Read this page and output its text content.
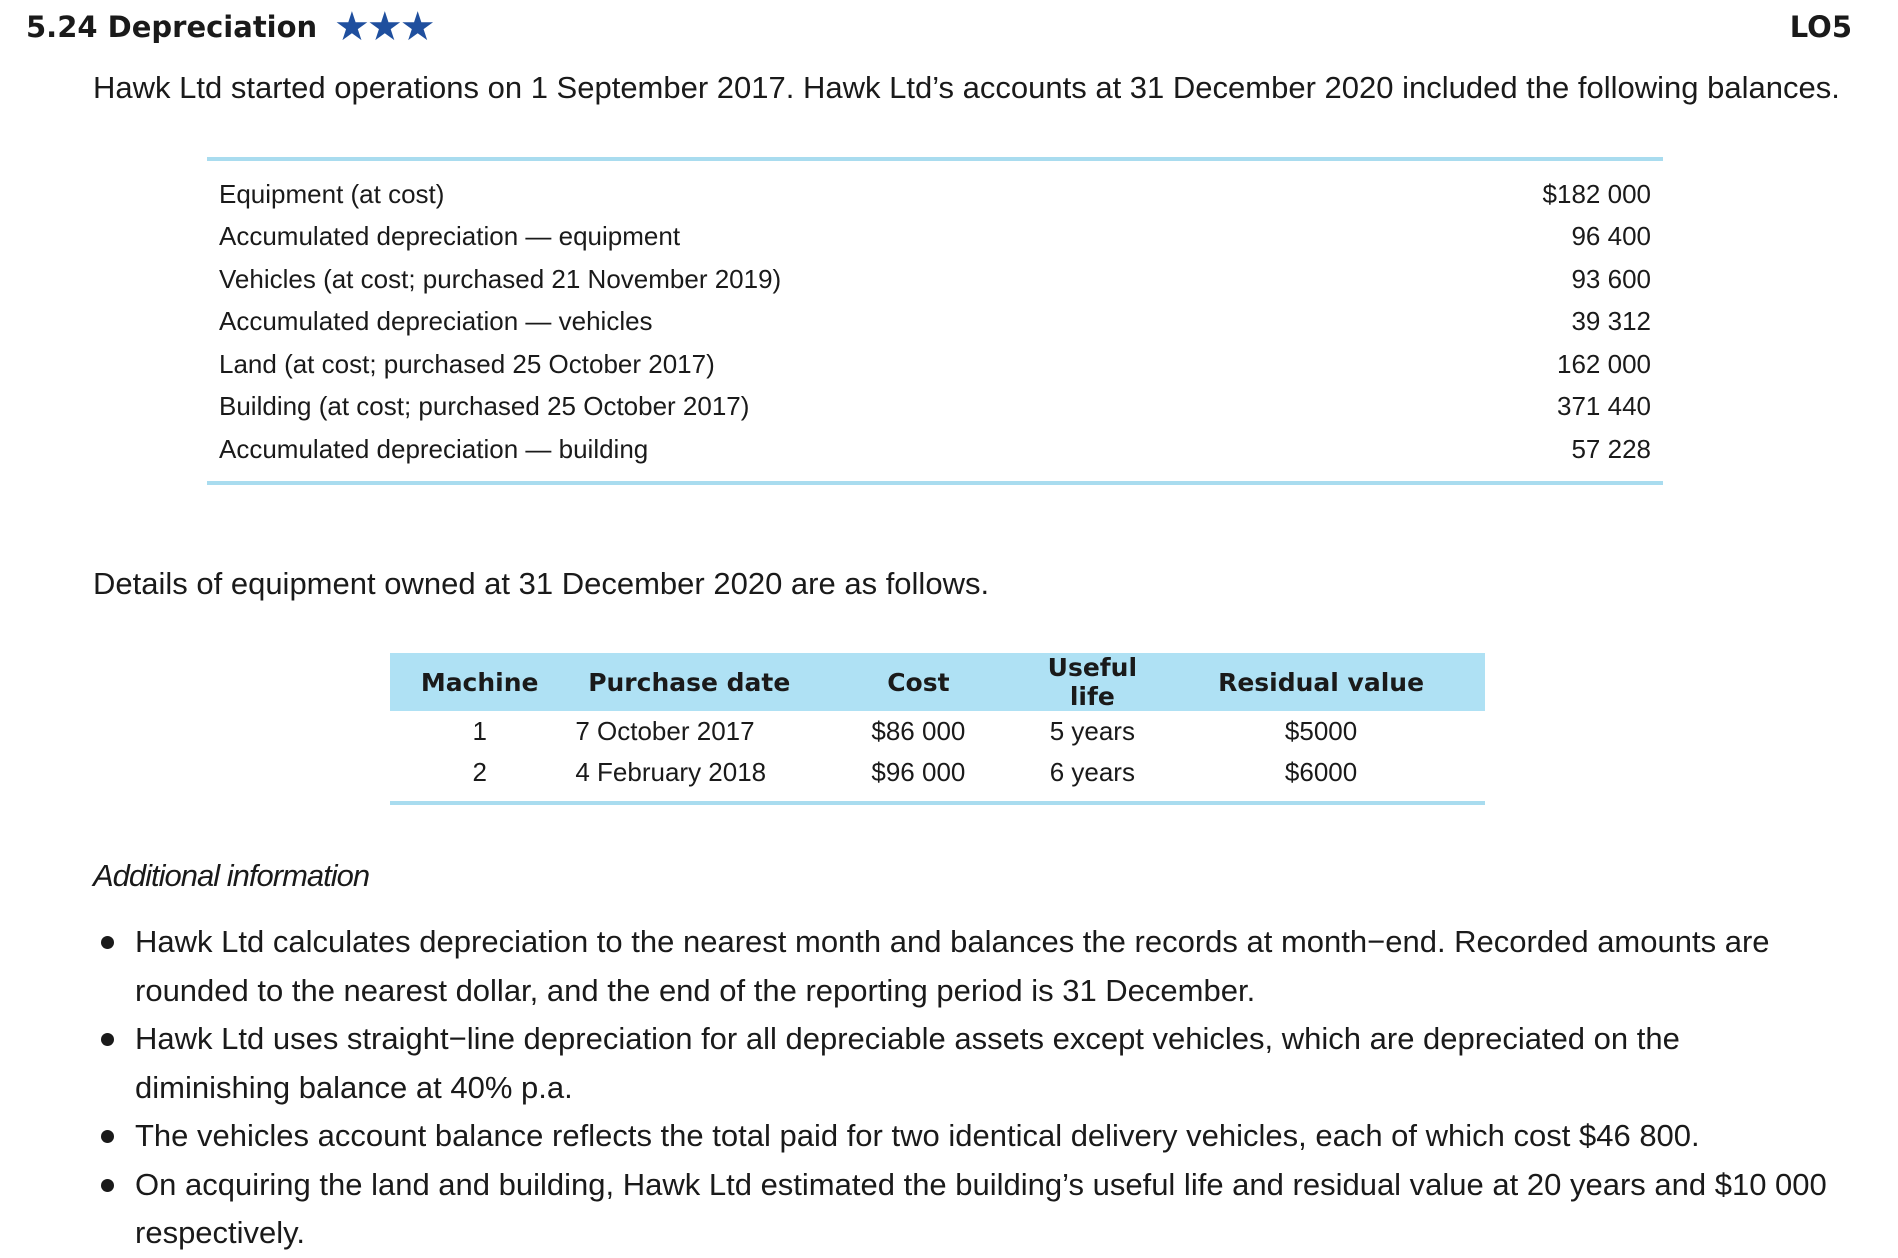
5.24 Depreciation ★★★	LO5

Hawk Ltd started operations on 1 September 2017. Hawk Ltd’s accounts at 31 December 2020 included the following balances.

Equipment (at cost)	$182 000
Accumulated depreciation — equipment	96 400
Vehicles (at cost; purchased 21 November 2019)	93 600
Accumulated depreciation — vehicles	39 312
Land (at cost; purchased 25 October 2017)	162 000
Building (at cost; purchased 25 October 2017)	371 440
Accumulated depreciation — building	57 228

Details of equipment owned at 31 December 2020 are as follows.

Machine	Purchase date	Cost	Useful life	Residual value
1	7 October 2017	$86 000	5 years	$5000
2	4 February 2018	$96 000	6 years	$6000

Additional information

Hawk Ltd calculates depreciation to the nearest month and balances the records at month−end. Recorded amounts are rounded to the nearest dollar, and the end of the reporting period is 31 December.
Hawk Ltd uses straight−line depreciation for all depreciable assets except vehicles, which are depreciated on the diminishing balance at 40% p.a.
The vehicles account balance reflects the total paid for two identical delivery vehicles, each of which cost $46 800.
On acquiring the land and building, Hawk Ltd estimated the building’s useful life and residual value at 20 years and $10 000 respectively.
